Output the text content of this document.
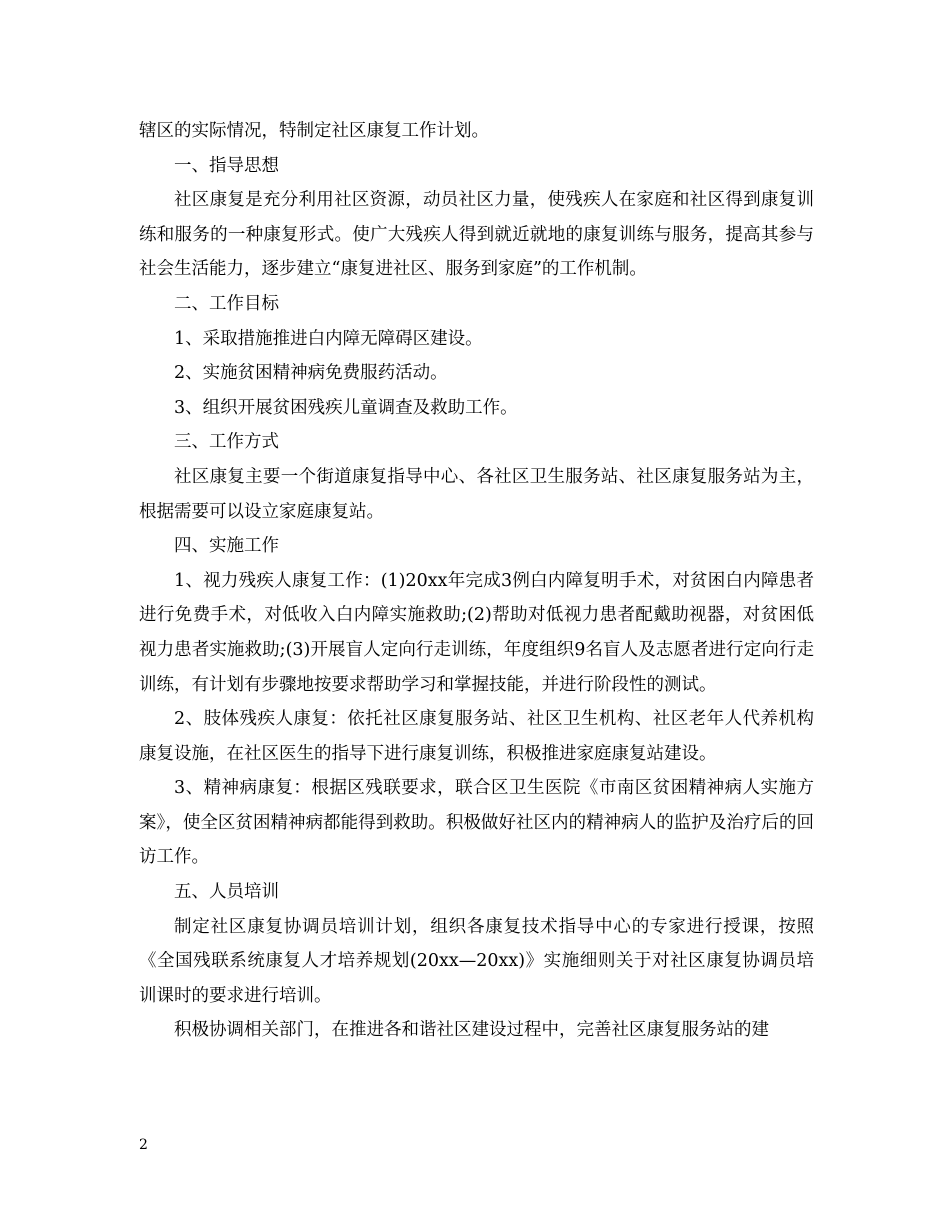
辖区的实际情况，特制定社区康复工作计划。

一、指导思想

社区康复是充分利用社区资源，动员社区力量，使残疾人在家庭和社区得到康复训练和服务的一种康复形式。使广大残疾人得到就近就地的康复训练与服务，提高其参与社会生活能力，逐步建立“康复进社区、服务到家庭”的工作机制。

二、工作目标

1、采取措施推进白内障无障碍区建设。

2、实施贫困精神病免费服药活动。

3、组织开展贫困残疾儿童调查及救助工作。

三、工作方式

社区康复主要一个街道康复指导中心、各社区卫生服务站、社区康复服务站为主，根据需要可以设立家庭康复站。

四、实施工作

1、视力残疾人康复工作：(1)20xx年完成3例白内障复明手术，对贫困白内障患者进行免费手术，对低收入白内障实施救助;(2)帮助对低视力患者配戴助视器，对贫困低视力患者实施救助;(3)开展盲人定向行走训练，年度组织9名盲人及志愿者进行定向行走训练，有计划有步骤地按要求帮助学习和掌握技能，并进行阶段性的测试。

2、肢体残疾人康复：依托社区康复服务站、社区卫生机构、社区老年人代养机构康复设施，在社区医生的指导下进行康复训练，积极推进家庭康复站建设。

3、精神病康复：根据区残联要求，联合区卫生医院《市南区贫困精神病人实施方案》，使全区贫困精神病都能得到救助。积极做好社区内的精神病人的监护及治疗后的回访工作。

五、人员培训

制定社区康复协调员培训计划，组织各康复技术指导中心的专家进行授课，按照《全国残联系统康复人才培养规划(20xx—20xx)》实施细则关于对社区康复协调员培训课时的要求进行培训。

积极协调相关部门，在推进各和谐社区建设过程中，完善社区康复服务站的建

2
